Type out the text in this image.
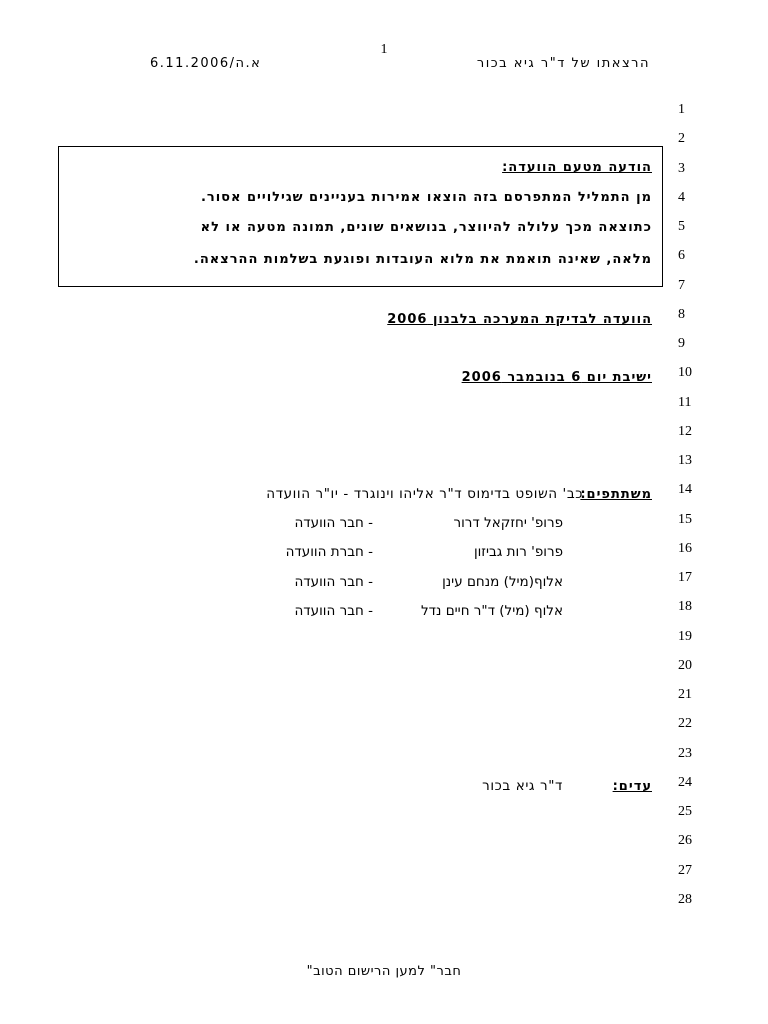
1
הרצאתו של ד"ר גיא בכור
א.ה/6.11.2006
1
2
3
4
5
6
7
8
9
10
11
12
13
14
15
16
17
18
19
20
21
22
23
24
25
26
27
28
הודעה מטעם הוועדה:
מן התמליל המתפרסם בזה הוצאו אמירות בעניינים שגילויים אסור.
כתוצאה מכך עלולה להיווצר, בנושאים שונים, תמונה מטעה או לא
מלאה, שאינה תואמת את מלוא העובדות ופוגעת בשלמות ההרצאה.
הוועדה לבדיקת המערכה בלבנון 2006
ישיבת יום 6 בנובמבר 2006
משתתפים:
כב' השופט בדימוס ד"ר אליהו וינוגרד - יו"ר הוועדה
פרופ' יחזקאל דרור
- חבר הוועדה
פרופ' רות גביזון
- חברת הוועדה
אלוף(מיל) מנחם עינן
- חבר הוועדה
אלוף (מיל) ד"ר חיים נדל
- חבר הוועדה
עדים:
ד"ר גיא בכור
"חבר" למען הרישום הטוב
